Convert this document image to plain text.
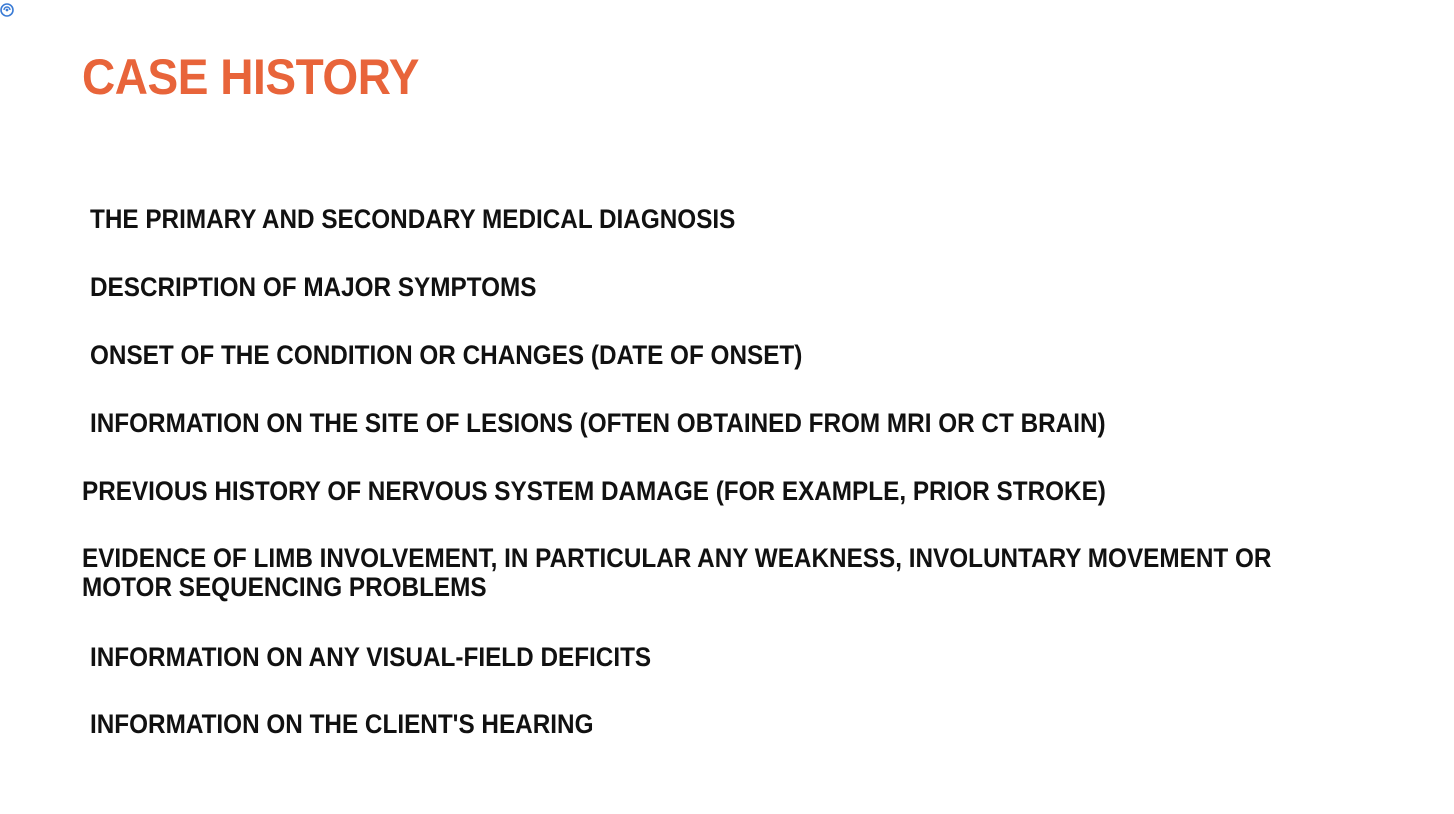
CASE HISTORY
THE PRIMARY AND SECONDARY MEDICAL DIAGNOSIS
DESCRIPTION OF MAJOR SYMPTOMS
ONSET OF THE CONDITION OR CHANGES (DATE OF ONSET)
INFORMATION ON THE SITE OF LESIONS (OFTEN OBTAINED FROM MRI OR CT BRAIN)
PREVIOUS HISTORY OF NERVOUS SYSTEM DAMAGE (FOR EXAMPLE, PRIOR STROKE)
EVIDENCE OF LIMB INVOLVEMENT, IN PARTICULAR ANY WEAKNESS, INVOLUNTARY MOVEMENT OR MOTOR SEQUENCING PROBLEMS
INFORMATION ON ANY VISUAL-FIELD DEFICITS
INFORMATION ON THE CLIENT'S HEARING
